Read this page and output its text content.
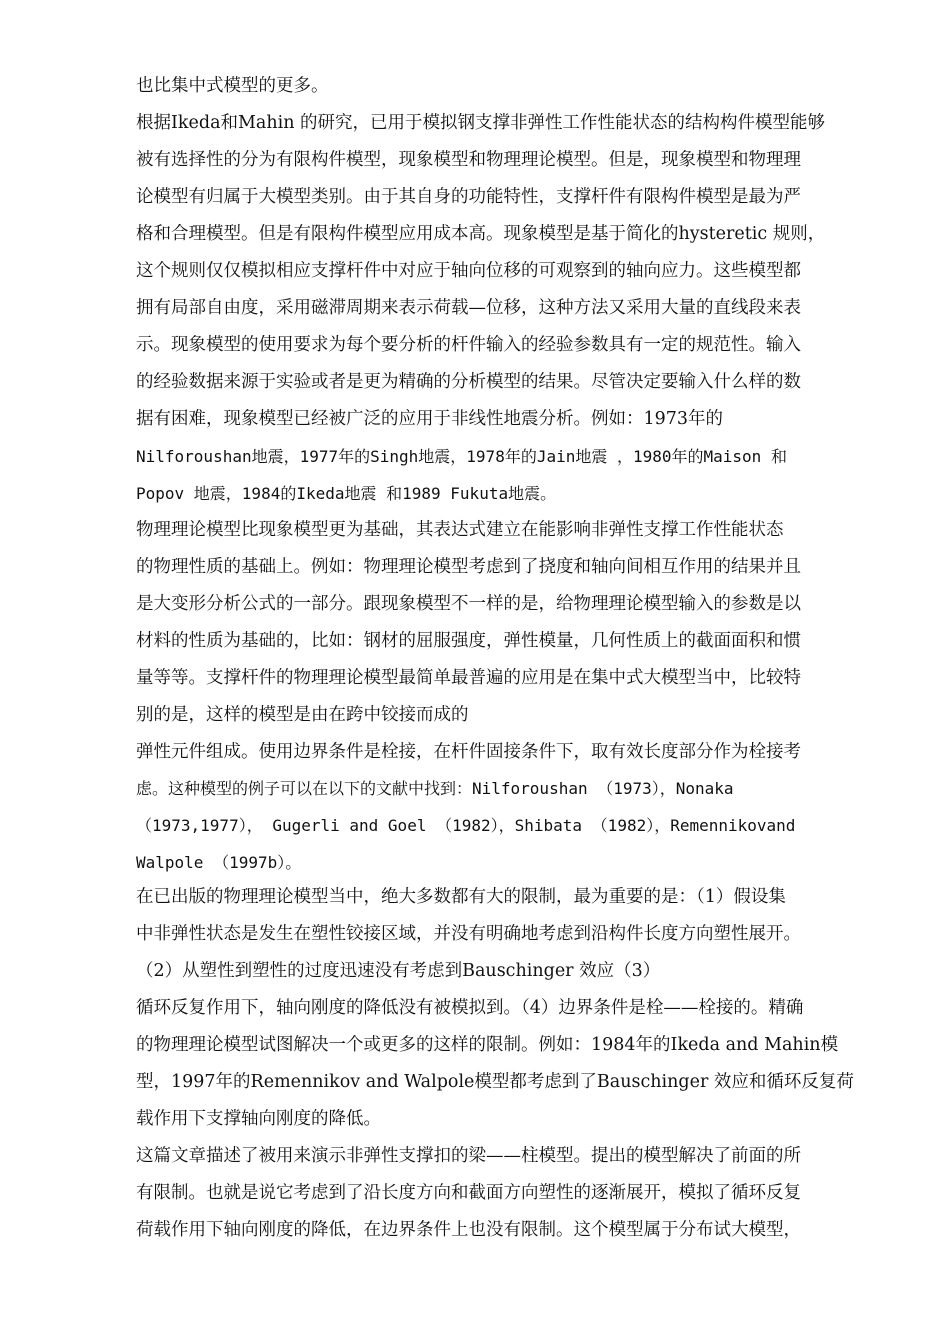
也比集中式模型的更多。
根据Ikeda和Mahin 的研究，已用于模拟钢支撑非弹性工作性能状态的结构构件模型能够
被有选择性的分为有限构件模型，现象模型和物理理论模型。但是，现象模型和物理理
论模型有归属于大模型类别。由于其自身的功能特性，支撑杆件有限构件模型是最为严
格和合理模型。但是有限构件模型应用成本高。现象模型是基于简化的hysteretic 规则，
这个规则仅仅模拟相应支撑杆件中对应于轴向位移的可观察到的轴向应力。这些模型都
拥有局部自由度，采用磁滞周期来表示荷载—位移，这种方法又采用大量的直线段来表
示。现象模型的使用要求为每个要分析的杆件输入的经验参数具有一定的规范性。输入
的经验数据来源于实验或者是更为精确的分析模型的结果。尽管决定要输入什么样的数
据有困难，现象模型已经被广泛的应用于非线性地震分析。例如：1973年的
Nilforoushan地震，1977年的Singh地震，1978年的Jain地震 ，1980年的Maison 和
Popov 地震，1984的Ikeda地震 和1989 Fukuta地震。
物理理论模型比现象模型更为基础，其表达式建立在能影响非弹性支撑工作性能状态
的物理性质的基础上。例如：物理理论模型考虑到了挠度和轴向间相互作用的结果并且
是大变形分析公式的一部分。跟现象模型不一样的是，给物理理论模型输入的参数是以
材料的性质为基础的，比如：钢材的屈服强度，弹性模量，几何性质上的截面面积和惯
量等等。支撑杆件的物理理论模型最简单最普遍的应用是在集中式大模型当中，比较特
别的是，这样的模型是由在跨中铰接而成的
弹性元件组成。使用边界条件是栓接，在杆件固接条件下，取有效长度部分作为栓接考
虑。这种模型的例子可以在以下的文献中找到：Nilforoushan （1973），Nonaka
（1973,1977）， Gugerli and Goel （1982），Shibata （1982），Remennikovand
Walpole （1997b）。
在已出版的物理理论模型当中，绝大多数都有大的限制，最为重要的是：（1）假设集
中非弹性状态是发生在塑性铰接区域，并没有明确地考虑到沿构件长度方向塑性展开。
（2）从塑性到塑性的过度迅速没有考虑到Bauschinger 效应（3）
循环反复作用下，轴向刚度的降低没有被模拟到。（4）边界条件是栓——栓接的。精确
的物理理论模型试图解决一个或更多的这样的限制。例如：1984年的Ikeda and Mahin模
型，1997年的Remennikov and Walpole模型都考虑到了Bauschinger 效应和循环反复荷
载作用下支撑轴向刚度的降低。
这篇文章描述了被用来演示非弹性支撑扣的梁——柱模型。提出的模型解决了前面的所
有限制。也就是说它考虑到了沿长度方向和截面方向塑性的逐渐展开，模拟了循环反复
荷载作用下轴向刚度的降低，在边界条件上也没有限制。这个模型属于分布试大模型，
